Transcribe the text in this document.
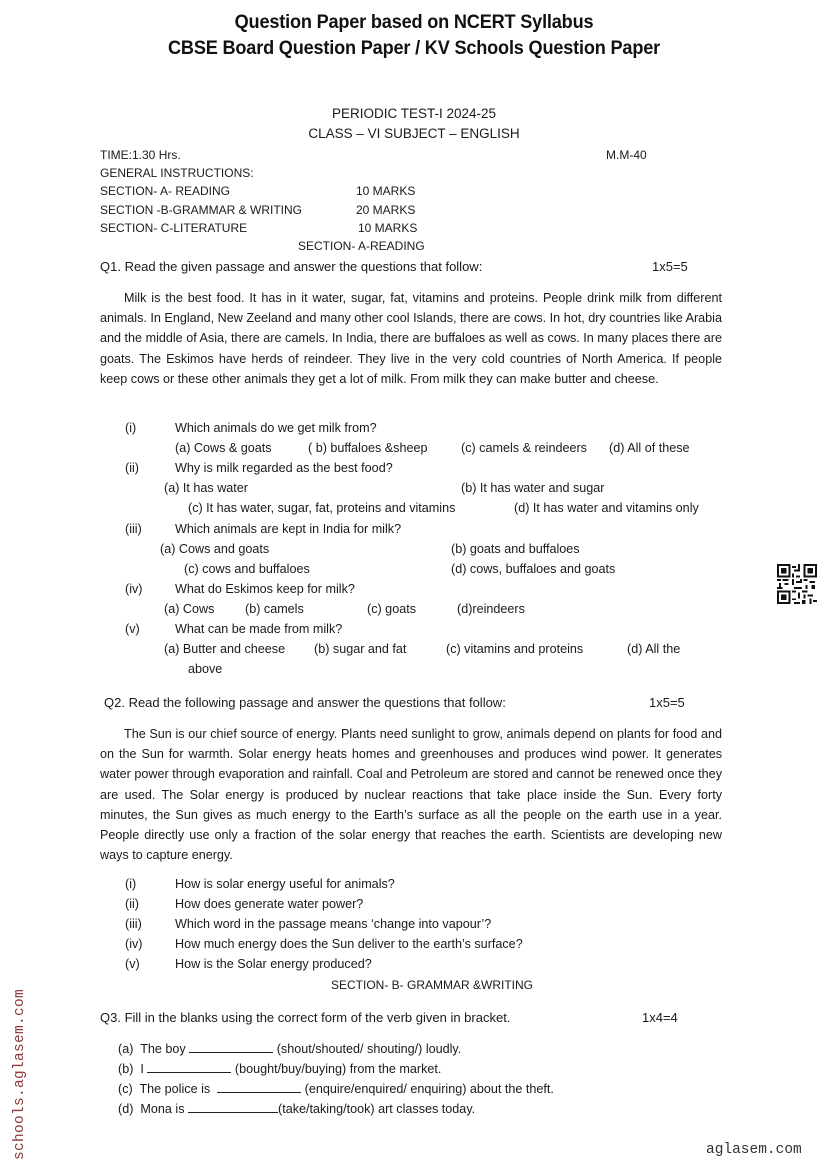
Question Paper based on NCERT Syllabus
CBSE Board Question Paper / KV Schools Question Paper
PERIODIC TEST-I 2024-25
CLASS – VI SUBJECT – ENGLISH
TIME:1.30 Hrs.	M.M-40
GENERAL INSTRUCTIONS:
SECTION- A- READING	10 MARKS
SECTION -B-GRAMMAR & WRITING	20 MARKS
SECTION- C-LITERATURE	10 MARKS
SECTION- A-READING
Q1. Read the given passage and answer the questions that follow:	1x5=5
Milk is the best food. It has in it water, sugar, fat, vitamins and proteins. People drink milk from different animals. In England, New Zeeland and many other cool Islands, there are cows. In hot, dry countries like Arabia and the middle of Asia, there are camels. In India, there are buffaloes as well as cows. In many places there are goats. The Eskimos have herds of reindeer. They live in the very cold countries of North America. If people keep cows or these other animals they get a lot of milk. From milk they can make butter and cheese.
(i)	Which animals do we get milk from?
(a) Cows & goats	( b) buffaloes &sheep	(c) camels & reindeers (d) All of these
(ii)	Why is milk regarded as the best food?
(a) It has water	(b) It has water and sugar
(c) It has water, sugar, fat, proteins and vitamins	(d) It has water and vitamins only
(iii)	Which animals are kept in India for milk?
(a) Cows and goats	(b) goats and buffaloes
(c) cows and buffaloes	(d) cows, buffaloes and goats
(iv)	What do Eskimos keep for milk?
(a) Cows (b) camels	(c) goats	(d)reindeers
(v)	What can be made from milk?
(a) Butter and cheese (b) sugar and fat	(c) vitamins and proteins	(d) All the
above
Q2. Read the following passage and answer the questions that follow:	1x5=5
The Sun is our chief source of energy. Plants need sunlight to grow, animals depend on plants for food and on the Sun for warmth. Solar energy heats homes and greenhouses and produces wind power. It generates water power through evaporation and rainfall. Coal and Petroleum are stored and cannot be renewed once they are used. The Solar energy is produced by nuclear reactions that take place inside the Sun. Every forty minutes, the Sun gives as much energy to the Earth’s surface as all the people on the earth use in a year. People directly use only a fraction of the solar energy that reaches the earth. Scientists are developing new ways to capture energy.
(i)	How is solar energy useful for animals?
(ii)	How does generate water power?
(iii)	Which word in the passage means ‘change into vapour’?
(iv)	How much energy does the Sun deliver to the earth’s surface?
(v)	How is the Solar energy produced?
SECTION- B- GRAMMAR &WRITING
Q3. Fill in the blanks using the correct form of the verb given in bracket.	1x4=4
(a) The boy	(shout/shouted/ shouting/) loudly.
(b) I	(bought/buy/buying) from the market.
(c) The police is	(enquire/enquired/ enquiring) about the theft.
(d) Mona is	(take/taking/took) art classes today.
schools.aglasem.com	aglasem.com
